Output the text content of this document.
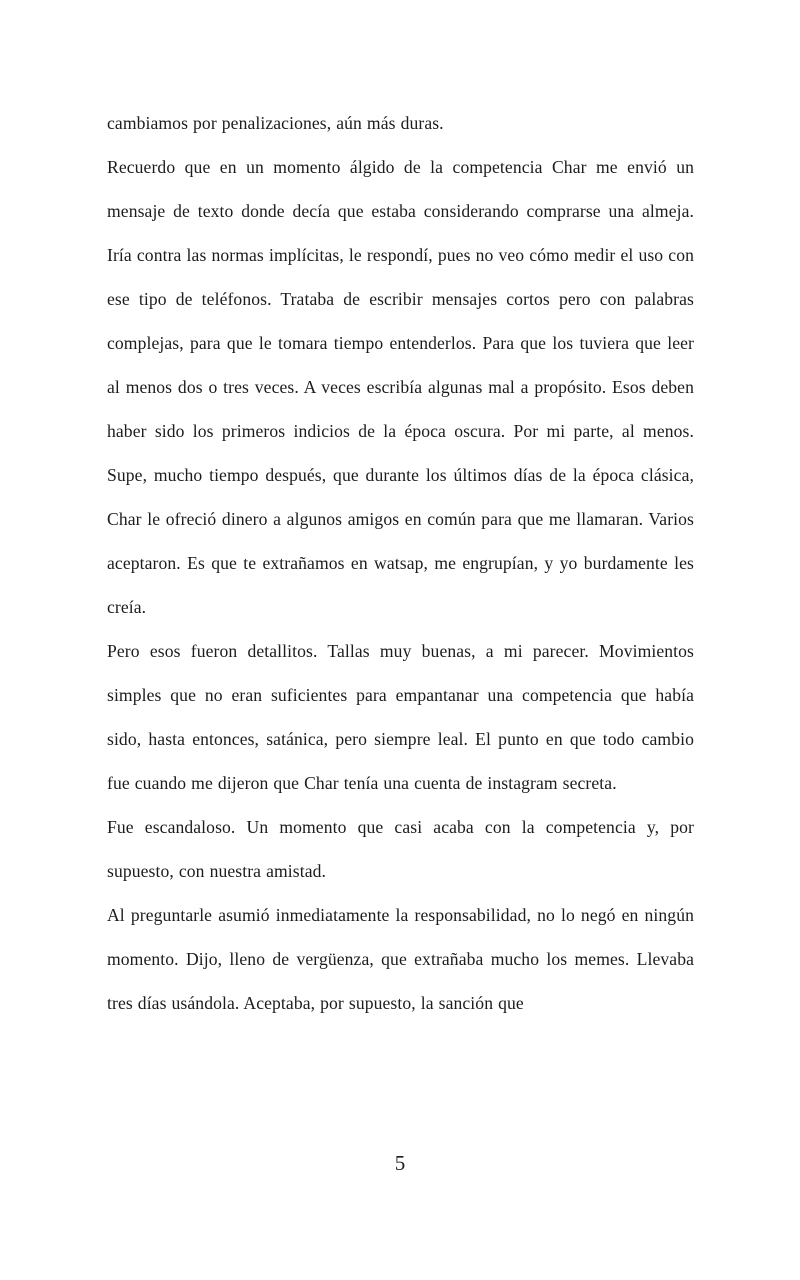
cambiamos por penalizaciones, aún más duras.

Recuerdo que en un momento álgido de la competencia Char me envió un mensaje de texto donde decía que estaba considerando comprarse una almeja. Iría contra las normas implícitas, le respondí, pues no veo cómo medir el uso con ese tipo de teléfonos. Trataba de escribir mensajes cortos pero con palabras complejas, para que le tomara tiempo entenderlos. Para que los tuviera que leer al menos dos o tres veces. A veces escribía algunas mal a propósito. Esos deben haber sido los primeros indicios de la época oscura. Por mi parte, al menos. Supe, mucho tiempo después, que durante los últimos días de la época clásica, Char le ofreció dinero a algunos amigos en común para que me llamaran. Varios aceptaron. Es que te extrañamos en watsap, me engrupían, y yo burdamente les creía.

Pero esos fueron detallitos. Tallas muy buenas, a mi parecer. Movimientos simples que no eran suficientes para empantanar una competencia que había sido, hasta entonces, satánica, pero siempre leal. El punto en que todo cambio fue cuando me dijeron que Char tenía una cuenta de instagram secreta.

Fue escandaloso. Un momento que casi acaba con la competencia y, por supuesto, con nuestra amistad.

Al preguntarle asumió inmediatamente la responsabilidad, no lo negó en ningún momento. Dijo, lleno de vergüenza, que extrañaba mucho los memes. Llevaba tres días usándola. Aceptaba, por supuesto, la sanción que

5
